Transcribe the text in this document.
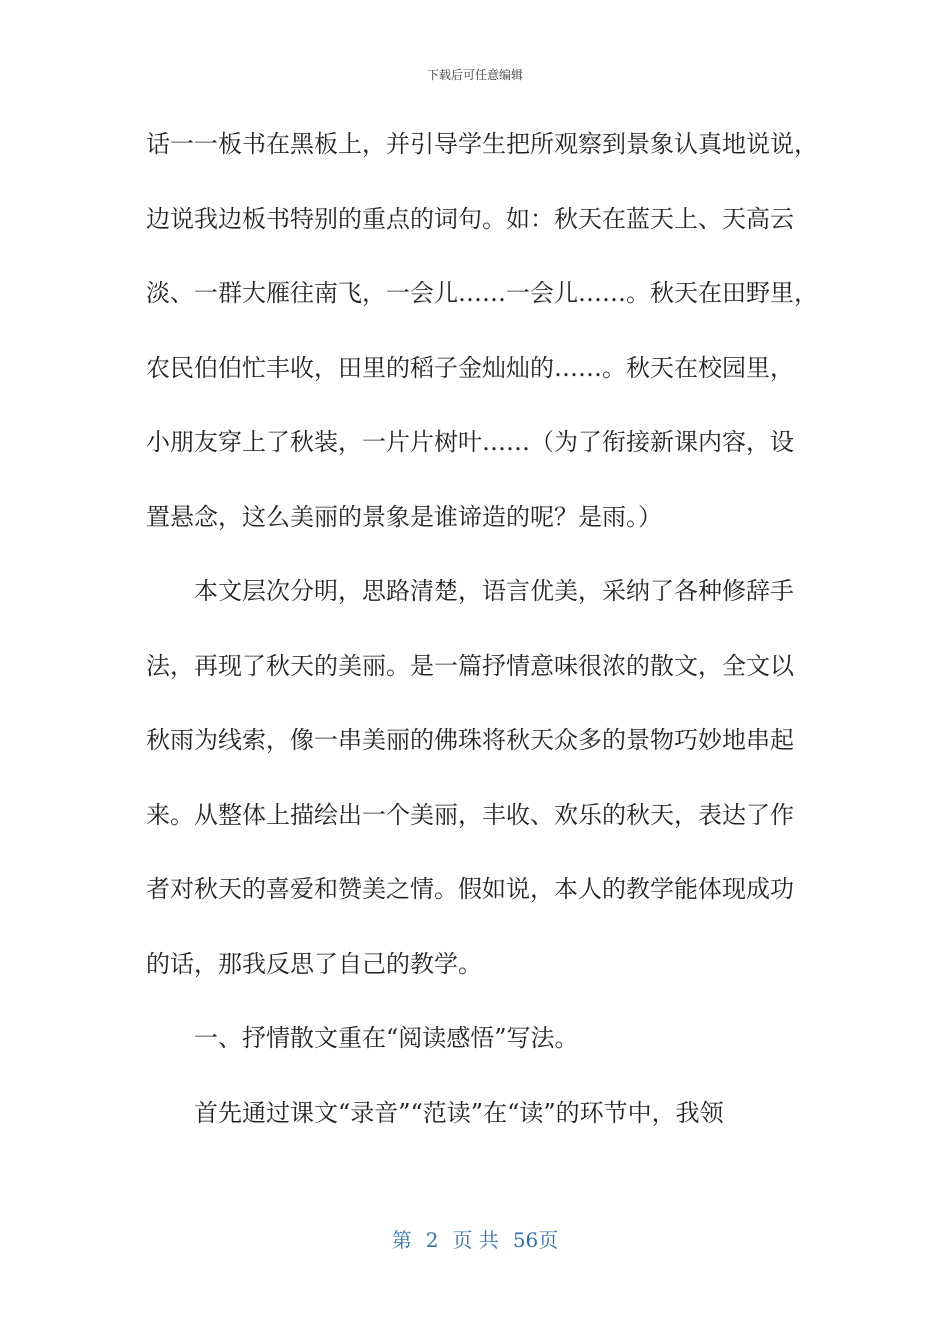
下载后可任意编辑
话一一板书在黑板上，并引导学生把所观察到景象认真地说说，
边说我边板书特别的重点的词句。如：秋天在蓝天上、天高云
淡、一群大雁往南飞，一会儿……一会儿……。秋天在田野里，
农民伯伯忙丰收，田里的稻子金灿灿的……。秋天在校园里，
小朋友穿上了秋装，一片片树叶……（为了衔接新课内容，设
置悬念，这么美丽的景象是谁谛造的呢？是雨。）
本文层次分明，思路清楚，语言优美，采纳了各种修辞手
法，再现了秋天的美丽。是一篇抒情意味很浓的散文，全文以
秋雨为线索，像一串美丽的佛珠将秋天众多的景物巧妙地串起
来。从整体上描绘出一个美丽，丰收、欢乐的秋天，表达了作
者对秋天的喜爱和赞美之情。假如说，本人的教学能体现成功
的话，那我反思了自己的教学。
一、抒情散文重在“阅读感悟”写法。
首先通过课文“录音”“范读”在“读”的环节中，我领
第 2 页 共 56页
